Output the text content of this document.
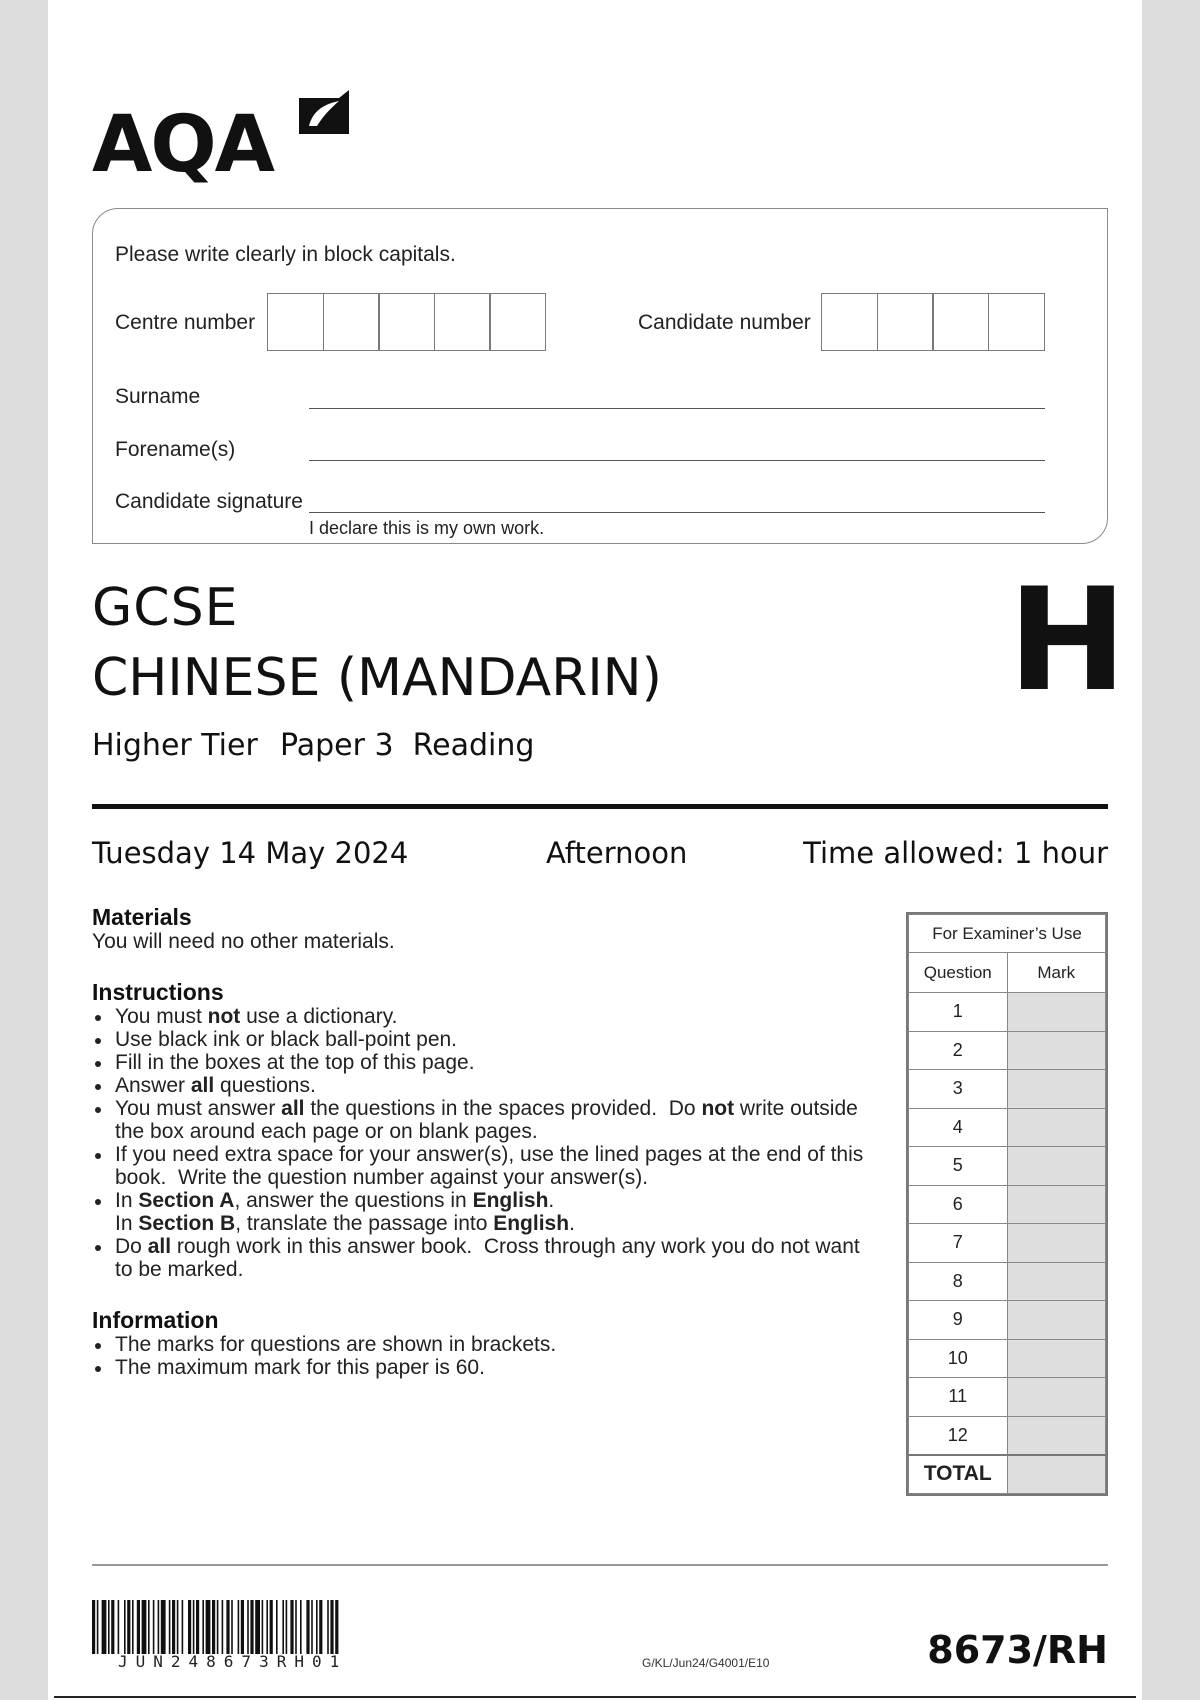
AQA
Please write clearly in block capitals.
Centre number	Candidate number
Surname
Forename(s)
Candidate signature
I declare this is my own work.
GCSE
CHINESE (MANDARIN)
Higher Tier Paper 3  Reading
H
Tuesday 14 May 2024	Afternoon	Time allowed: 1 hour

Materials

You will need no other materials.

Instructions

You must not use a dictionary.
Use black ink or black ball-point pen.
Fill in the boxes at the top of this page.
Answer all questions.
You must answer all the questions in the spaces provided.  Do not write outside the box around each page or on blank pages.
If you need extra space for your answer(s), use the lined pages at the end of this book.  Write the question number against your answer(s).
In Section A, answer the questions in English.
In Section B, translate the passage into English.
Do all rough work in this answer book.  Cross through any work you do not want to be marked.

Information

The marks for questions are shown in brackets.
The maximum mark for this paper is 60.
For Examiner’s Use	
Question	Mark
1	
2	
3	
4	
5	
6	
7	
8	
9	
10	
11	
12	
TOTAL	
JUN248673RH01	G/KL/Jun24/G4001/E10	8673/RH
